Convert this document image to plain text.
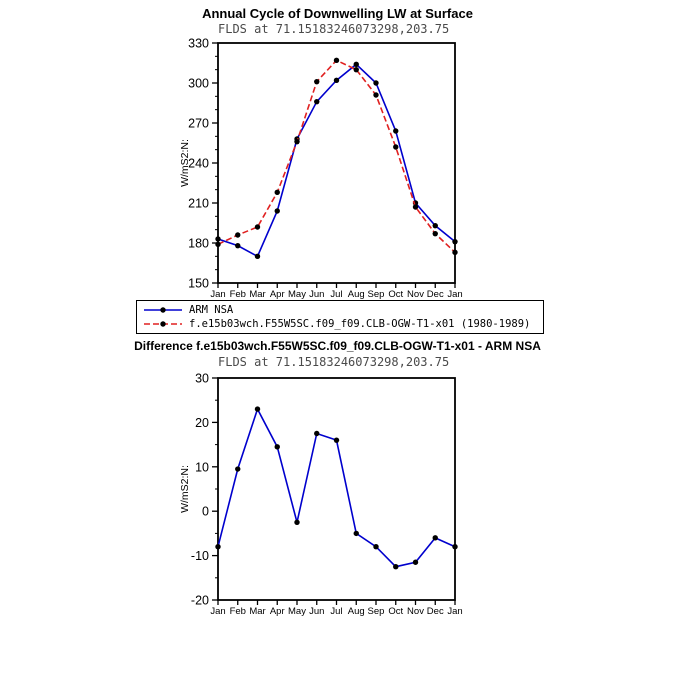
Annual Cycle of Downwelling LW at Surface
FLDS at 71.15183246073298,203.75
150
180
210
240
270
300
330
Jan Feb Mar Apr May Jun Jul Aug Sep Oct Nov Dec Jan
W/mS2:N:
ARM NSA
f.e15b03wch.F55W5SC.f09_f09.CLB-OGW-T1-x01 (1980-1989)
Difference f.e15b03wch.F55W5SC.f09_f09.CLB-OGW-T1-x01 - ARM NSA
FLDS at 71.15183246073298,203.75
-20
-10
0
10
20
30
Jan Feb Mar Apr May Jun Jul Aug Sep Oct Nov Dec Jan
W/mS2:N:
